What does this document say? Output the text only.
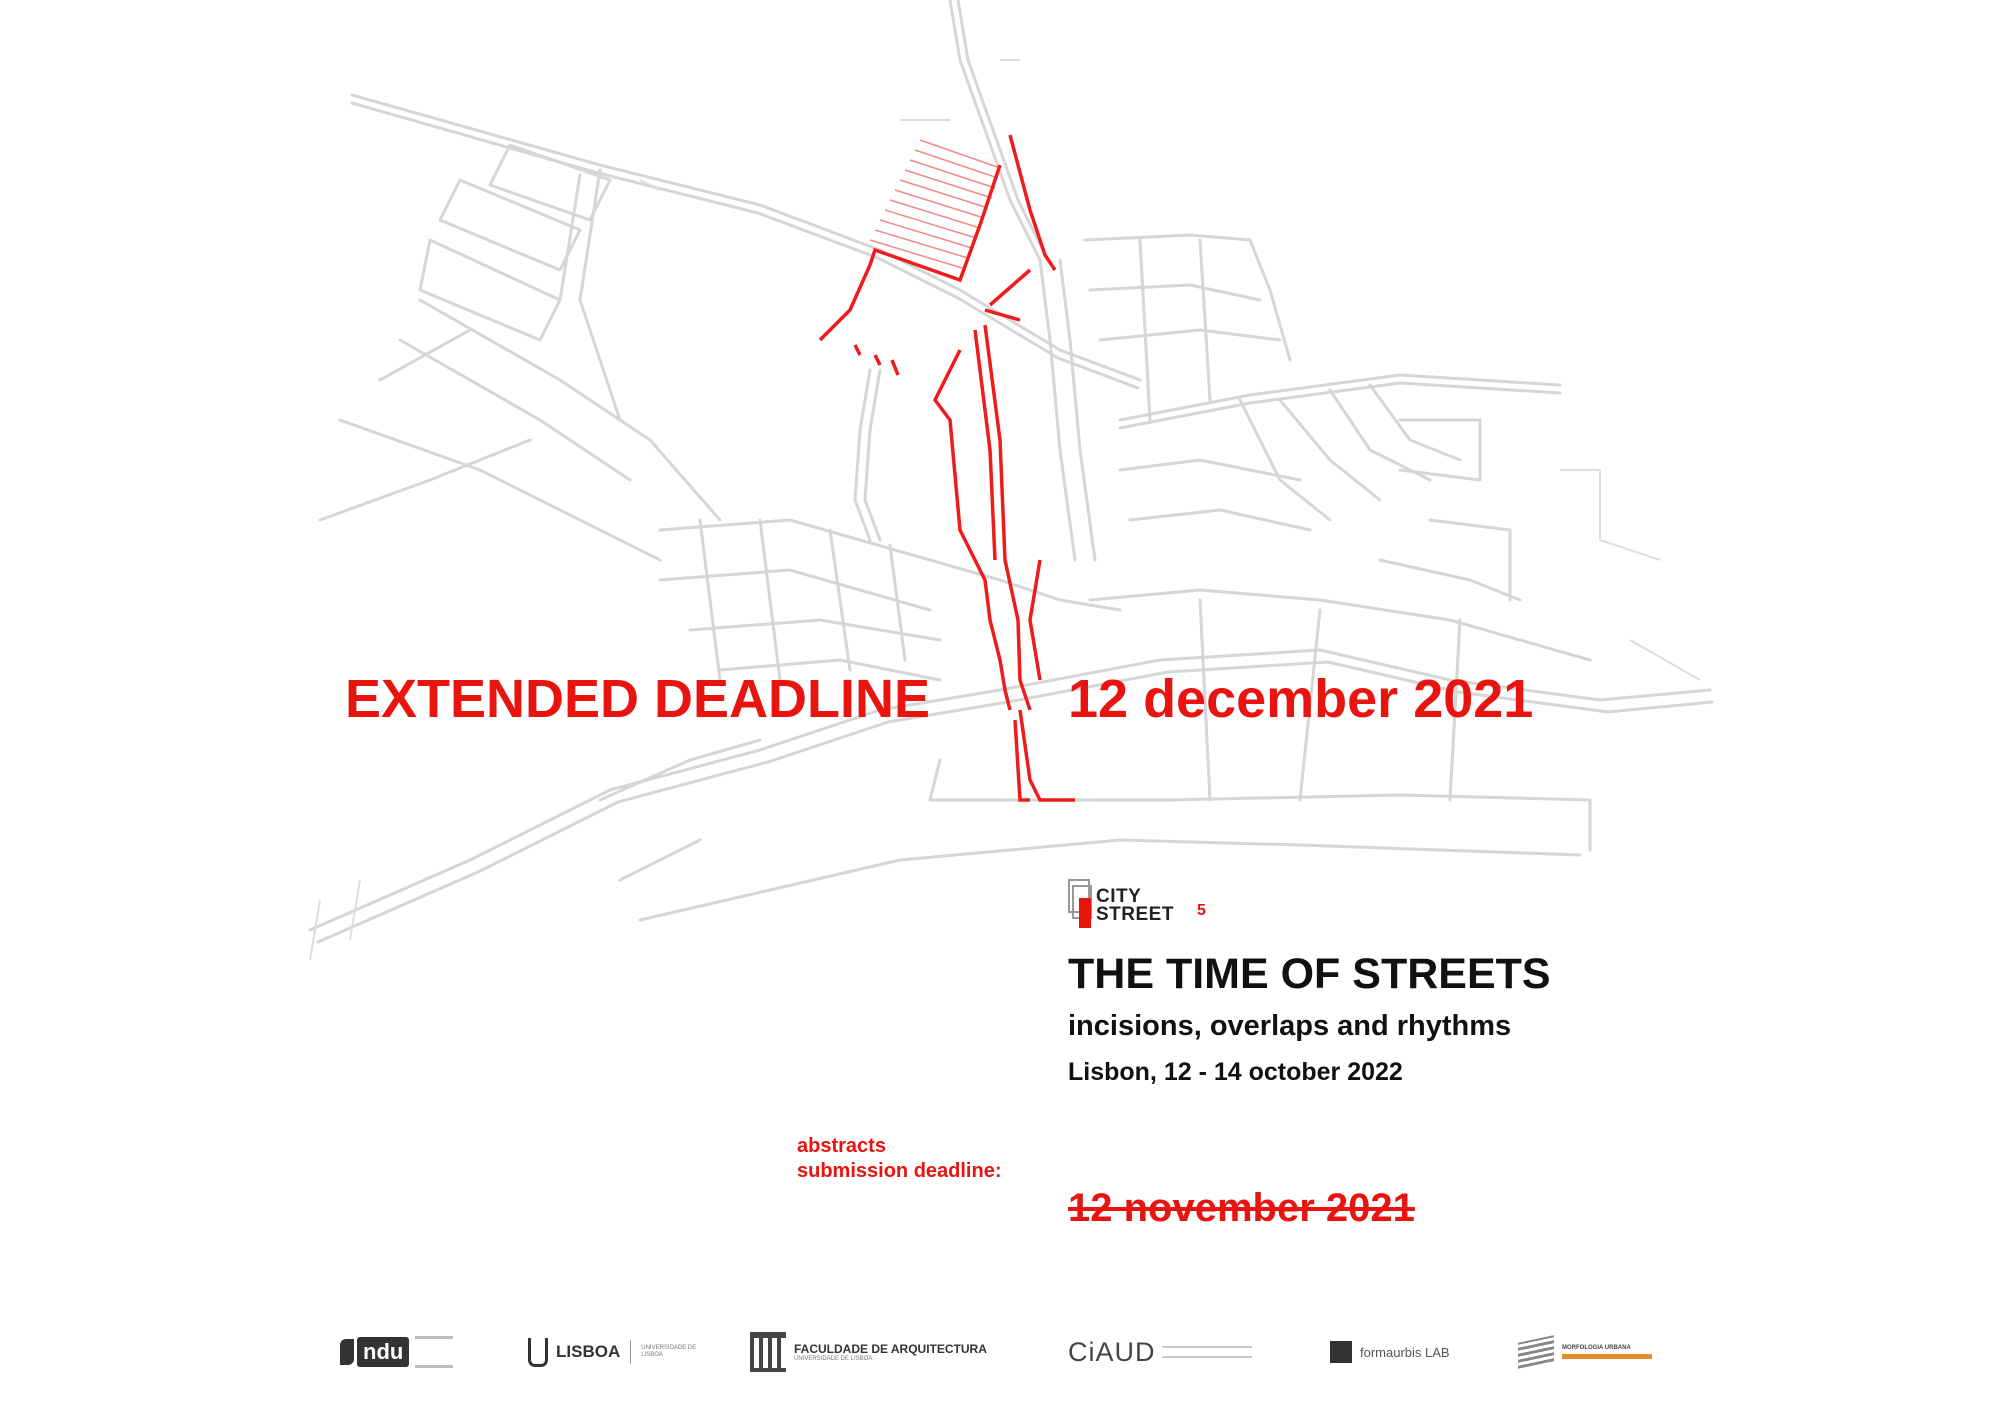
EXTENDED DEADLINE	12 december 2021
CITY
STREET 5
THE TIME OF STREETS
incisions, overlaps and rhythms
Lisbon, 12 - 14 october 2022
abstracts
submission deadline:
12 november 2021
ndu	LISBOA	UNIVERSIDADE DE LISBOA	FACULDADE DE ARQUITECTURA
UNIVERSIDADE DE LISBOA	CiAUD	formaurbis LAB	MORFOLOGIA URBANA
